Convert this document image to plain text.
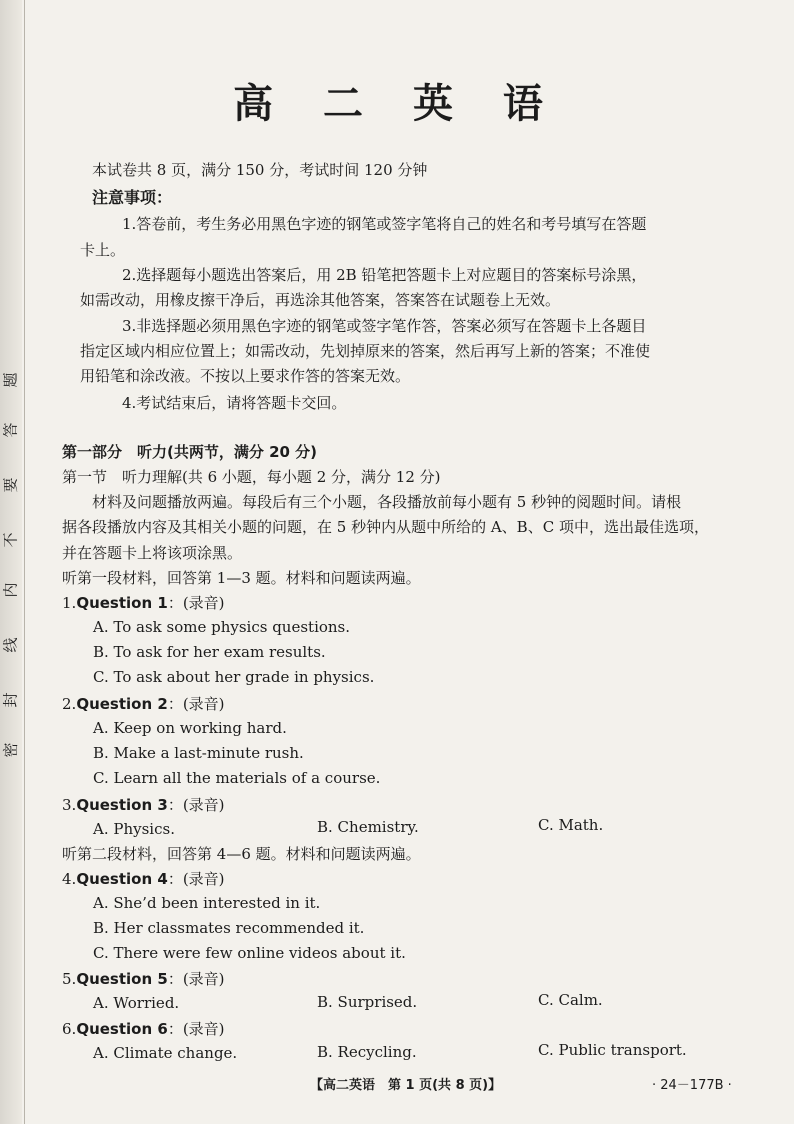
密
封
线
内
不
要
答
题
高 二 英 语
本试卷共 8 页，满分 150 分，考试时间 120 分钟
注意事项：
1.答卷前，考生务必用黑色字迹的钢笔或签字笔将自己的姓名和考号填写在答题
卡上。
2.选择题每小题选出答案后，用 2B 铅笔把答题卡上对应题目的答案标号涂黑，
如需改动，用橡皮擦干净后，再选涂其他答案，答案答在试题卷上无效。
3.非选择题必须用黑色字迹的钢笔或签字笔作答，答案必须写在答题卡上各题目
指定区域内相应位置上；如需改动，先划掉原来的答案，然后再写上新的答案；不准使
用铅笔和涂改液。不按以上要求作答的答案无效。
4.考试结束后，请将答题卡交回。
第一部分　听力(共两节，满分 20 分)
第一节　听力理解(共 6 小题，每小题 2 分，满分 12 分)
材料及问题播放两遍。每段后有三个小题，各段播放前每小题有 5 秒钟的阅题时间。请根
据各段播放内容及其相关小题的问题，在 5 秒钟内从题中所给的 A、B、C 项中，选出最佳选项，
并在答题卡上将该项涂黑。
听第一段材料，回答第 1—3 题。材料和问题读两遍。
1.Question 1：(录音)
A. To ask some physics questions.
B. To ask for her exam results.
C. To ask about her grade in physics.
2.Question 2：(录音)
A. Keep on working hard.
B. Make a last-minute rush.
C. Learn all the materials of a course.
3.Question 3：(录音)
A. Physics.	B. Chemistry.	C. Math.
听第二段材料，回答第 4—6 题。材料和问题读两遍。
4.Question 4：(录音)
A. She’d been interested in it.
B. Her classmates recommended it.
C. There were few online videos about it.
5.Question 5：(录音)
A. Worried.	B. Surprised.	C. Calm.
6.Question 6：(录音)
A. Climate change.	B. Recycling.	C. Public transport.
【高二英语　第 1 页(共 8 页)】	· 24－177B ·
